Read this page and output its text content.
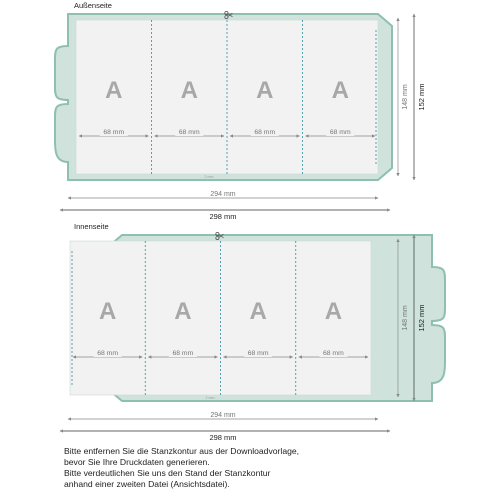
Außenseite
A
68 mm
A
68 mm
A
68 mm
A
68 mm
2 mm
294 mm
298 mm
148 mm 152 mm
Innenseite
A
68 mm
A
68 mm
A
68 mm
A
68 mm
2 mm
294 mm
298 mm
148 mm 152 mm
Bitte entfernen Sie die Stanzkontur aus der Downloadvorlage,
bevor Sie Ihre Druckdaten generieren.
Bitte verdeutlichen Sie uns den Stand der Stanzkontur
anhand einer zweiten Datei (Ansichtsdatei).
